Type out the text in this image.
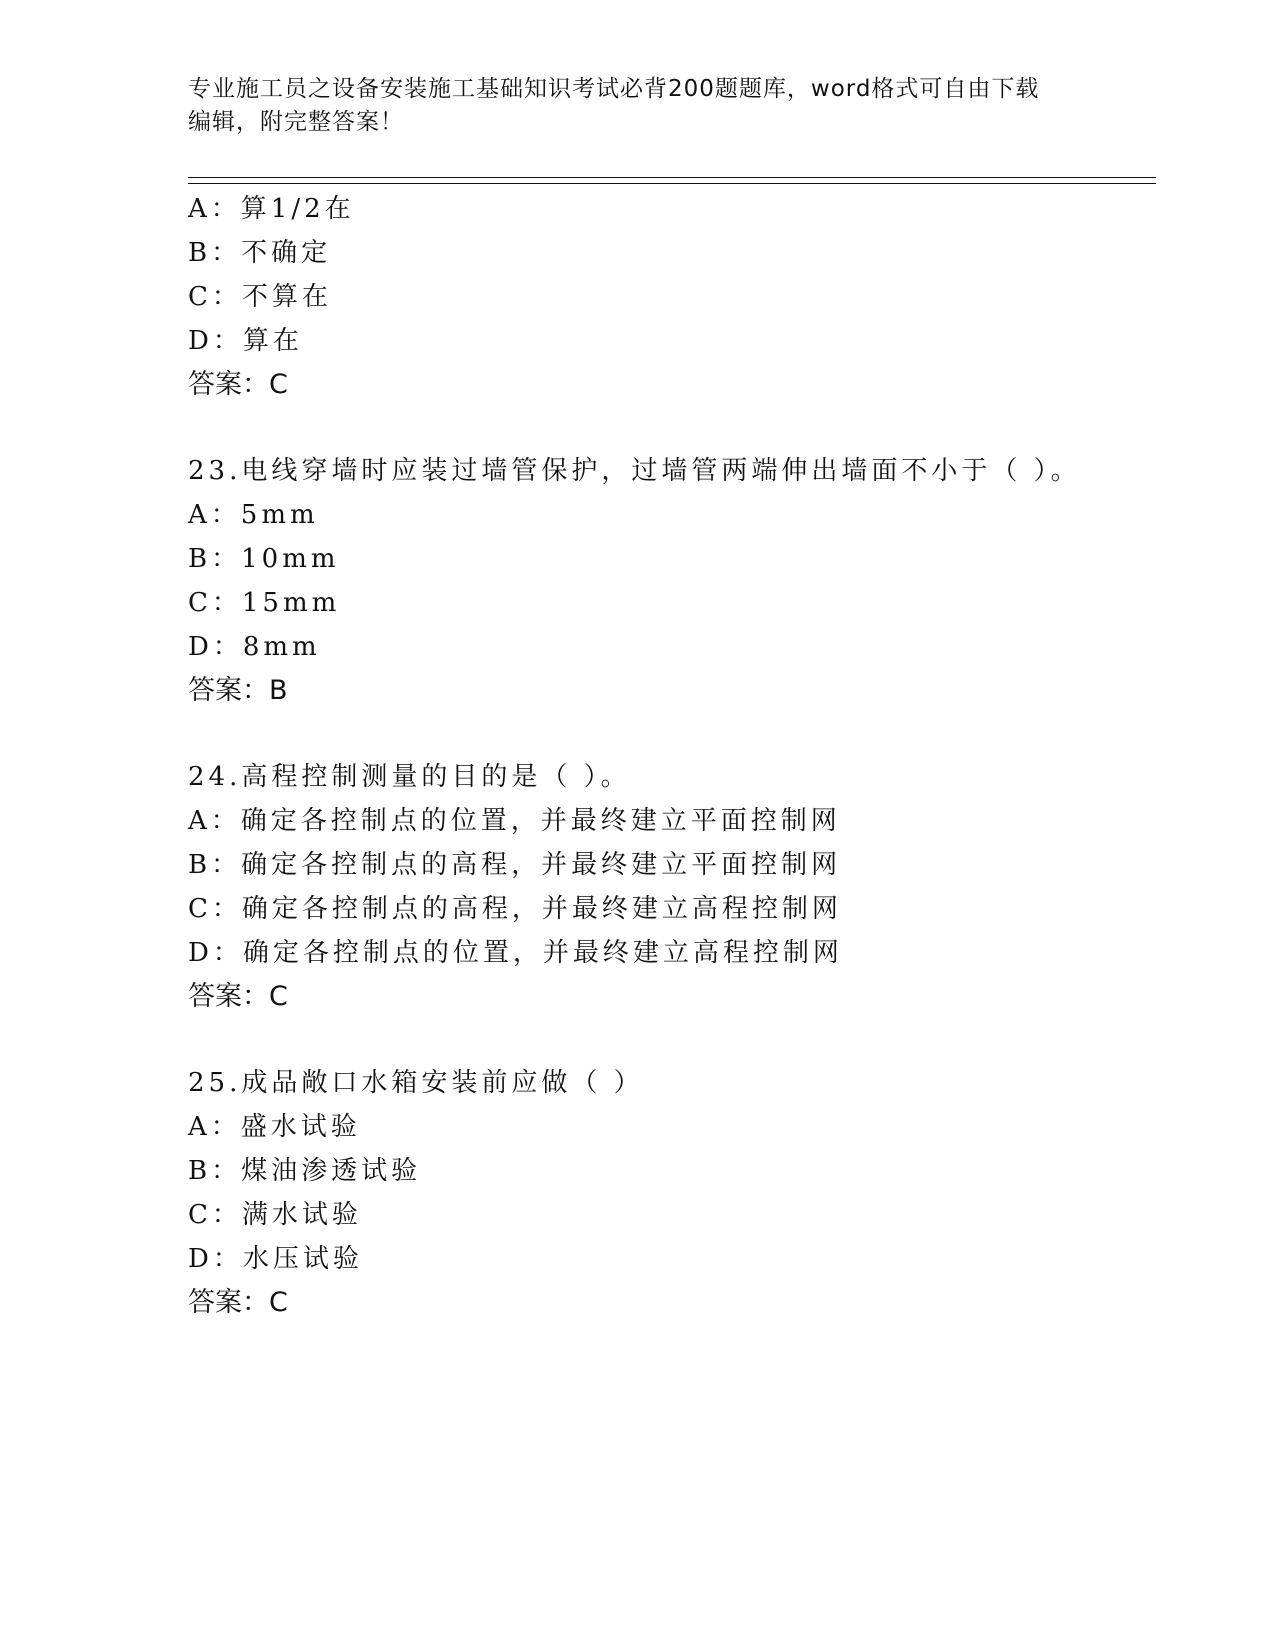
专业施工员之设备安装施工基础知识考试必背200题题库，word格式可自由下载
编辑，附完整答案！
A：算1/2在
B：不确定
C：不算在
D：算在
答案：C
23.电线穿墙时应装过墙管保护，过墙管两端伸出墙面不小于（ ）。
A：5mm
B：10mm
C：15mm
D：8mm
答案：B
24.高程控制测量的目的是（ ）。
A：确定各控制点的位置，并最终建立平面控制网
B：确定各控制点的高程，并最终建立平面控制网
C：确定各控制点的高程，并最终建立高程控制网
D：确定各控制点的位置，并最终建立高程控制网
答案：C
25.成品敞口水箱安装前应做（ ）
A：盛水试验
B：煤油渗透试验
C：满水试验
D：水压试验
答案：C
